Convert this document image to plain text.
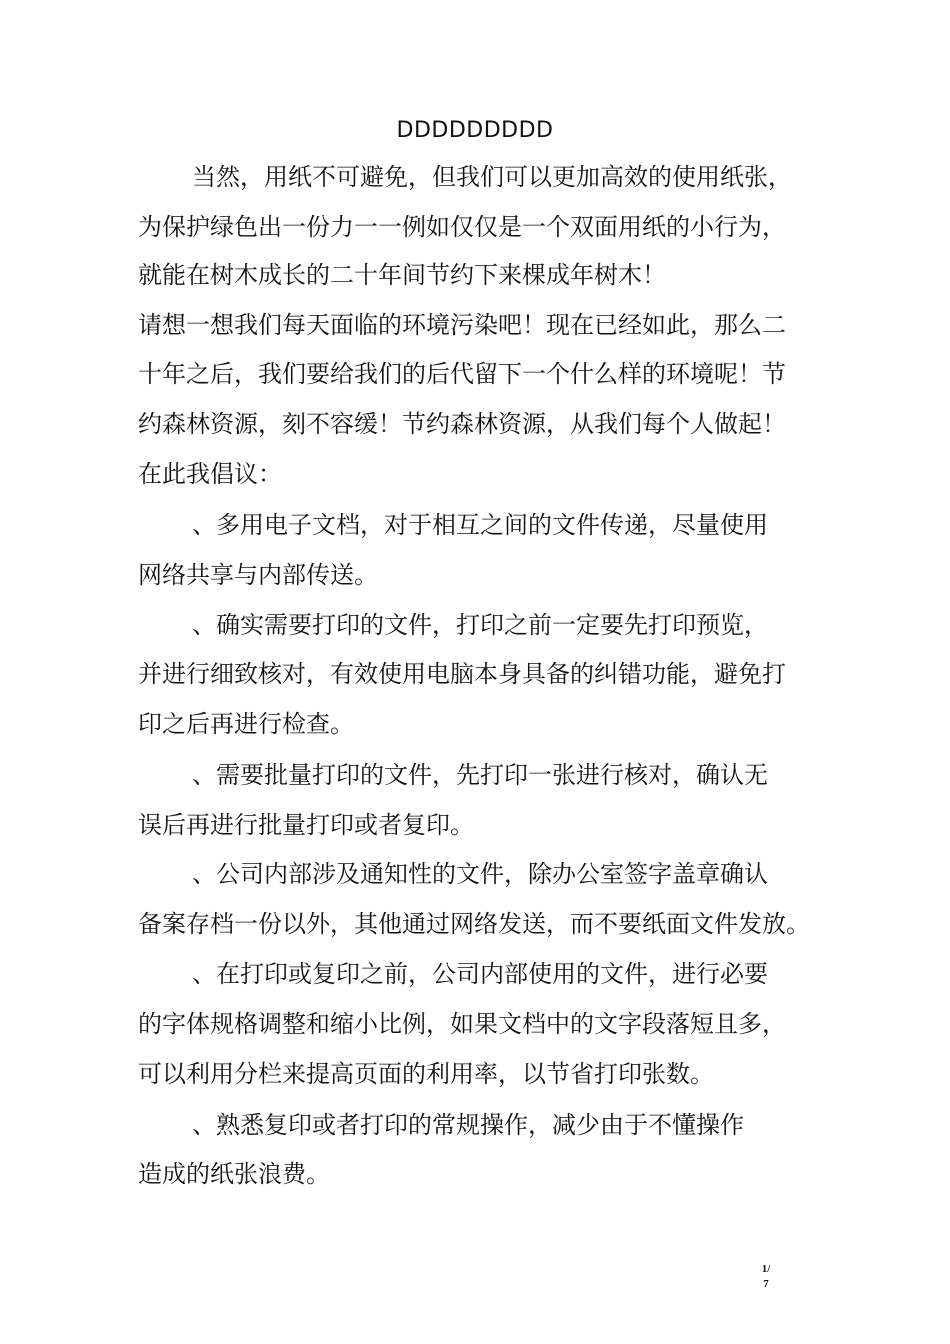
DDDDDDDDD
当然，用纸不可避免，但我们可以更加高效的使用纸张，
为保护绿色出一份力一一例如仅仅是一个双面用纸的小行为，
就能在树木成长的二十年间节约下来棵成年树木！
请想一想我们每天面临的环境污染吧！现在已经如此，那么二
十年之后，我们要给我们的后代留下一个什么样的环境呢！节
约森林资源，刻不容缓！节约森林资源，从我们每个人做起！
在此我倡议：
、多用电子文档，对于相互之间的文件传递，尽量使用
网络共享与内部传送。
、确实需要打印的文件，打印之前一定要先打印预览，
并进行细致核对，有效使用电脑本身具备的纠错功能，避免打
印之后再进行检查。
、需要批量打印的文件，先打印一张进行核对，确认无
误后再进行批量打印或者复印。
、公司内部涉及通知性的文件，除办公室签字盖章确认
备案存档一份以外，其他通过网络发送，而不要纸面文件发放。
、在打印或复印之前，公司内部使用的文件，进行必要
的字体规格调整和缩小比例，如果文档中的文字段落短且多，
可以利用分栏来提高页面的利用率，以节省打印张数。
、熟悉复印或者打印的常规操作，减少由于不懂操作
造成的纸张浪费。
1/
7
